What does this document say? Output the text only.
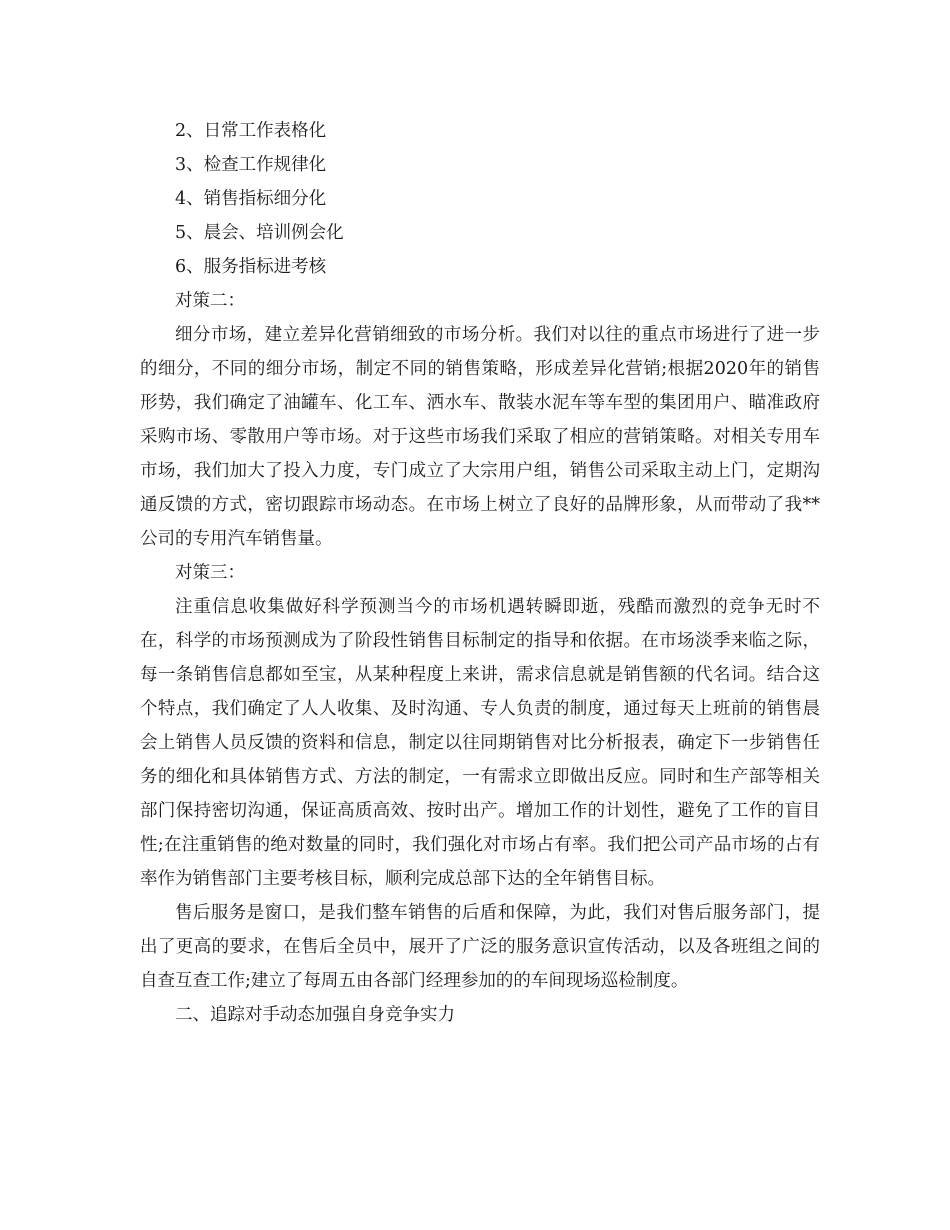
2、日常工作表格化
3、检查工作规律化
4、销售指标细分化
5、晨会、培训例会化
6、服务指标进考核
对策二：

细分市场，建立差异化营销细致的市场分析。我们对以往的重点市场进行了进一步的细分，不同的细分市场，制定不同的销售策略，形成差异化营销;根据2020年的销售形势，我们确定了油罐车、化工车、洒水车、散装水泥车等车型的集团用户、瞄准政府采购市场、零散用户等市场。对于这些市场我们采取了相应的营销策略。对相关专用车市场，我们加大了投入力度，专门成立了大宗用户组，销售公司采取主动上门，定期沟通反馈的方式，密切跟踪市场动态。在市场上树立了良好的品牌形象，从而带动了我**公司的专用汽车销售量。

对策三：

注重信息收集做好科学预测当今的市场机遇转瞬即逝，残酷而激烈的竞争无时不在，科学的市场预测成为了阶段性销售目标制定的指导和依据。在市场淡季来临之际，每一条销售信息都如至宝，从某种程度上来讲，需求信息就是销售额的代名词。结合这个特点，我们确定了人人收集、及时沟通、专人负责的制度，通过每天上班前的销售晨会上销售人员反馈的资料和信息，制定以往同期销售对比分析报表，确定下一步销售任务的细化和具体销售方式、方法的制定，一有需求立即做出反应。同时和生产部等相关部门保持密切沟通，保证高质高效、按时出产。增加工作的计划性，避免了工作的盲目性;在注重销售的绝对数量的同时，我们强化对市场占有率。我们把公司产品市场的占有率作为销售部门主要考核目标，顺利完成总部下达的全年销售目标。

售后服务是窗口，是我们整车销售的后盾和保障，为此，我们对售后服务部门，提出了更高的要求，在售后全员中，展开了广泛的服务意识宣传活动，以及各班组之间的自查互查工作;建立了每周五由各部门经理参加的的车间现场巡检制度。

二、追踪对手动态加强自身竞争实力
